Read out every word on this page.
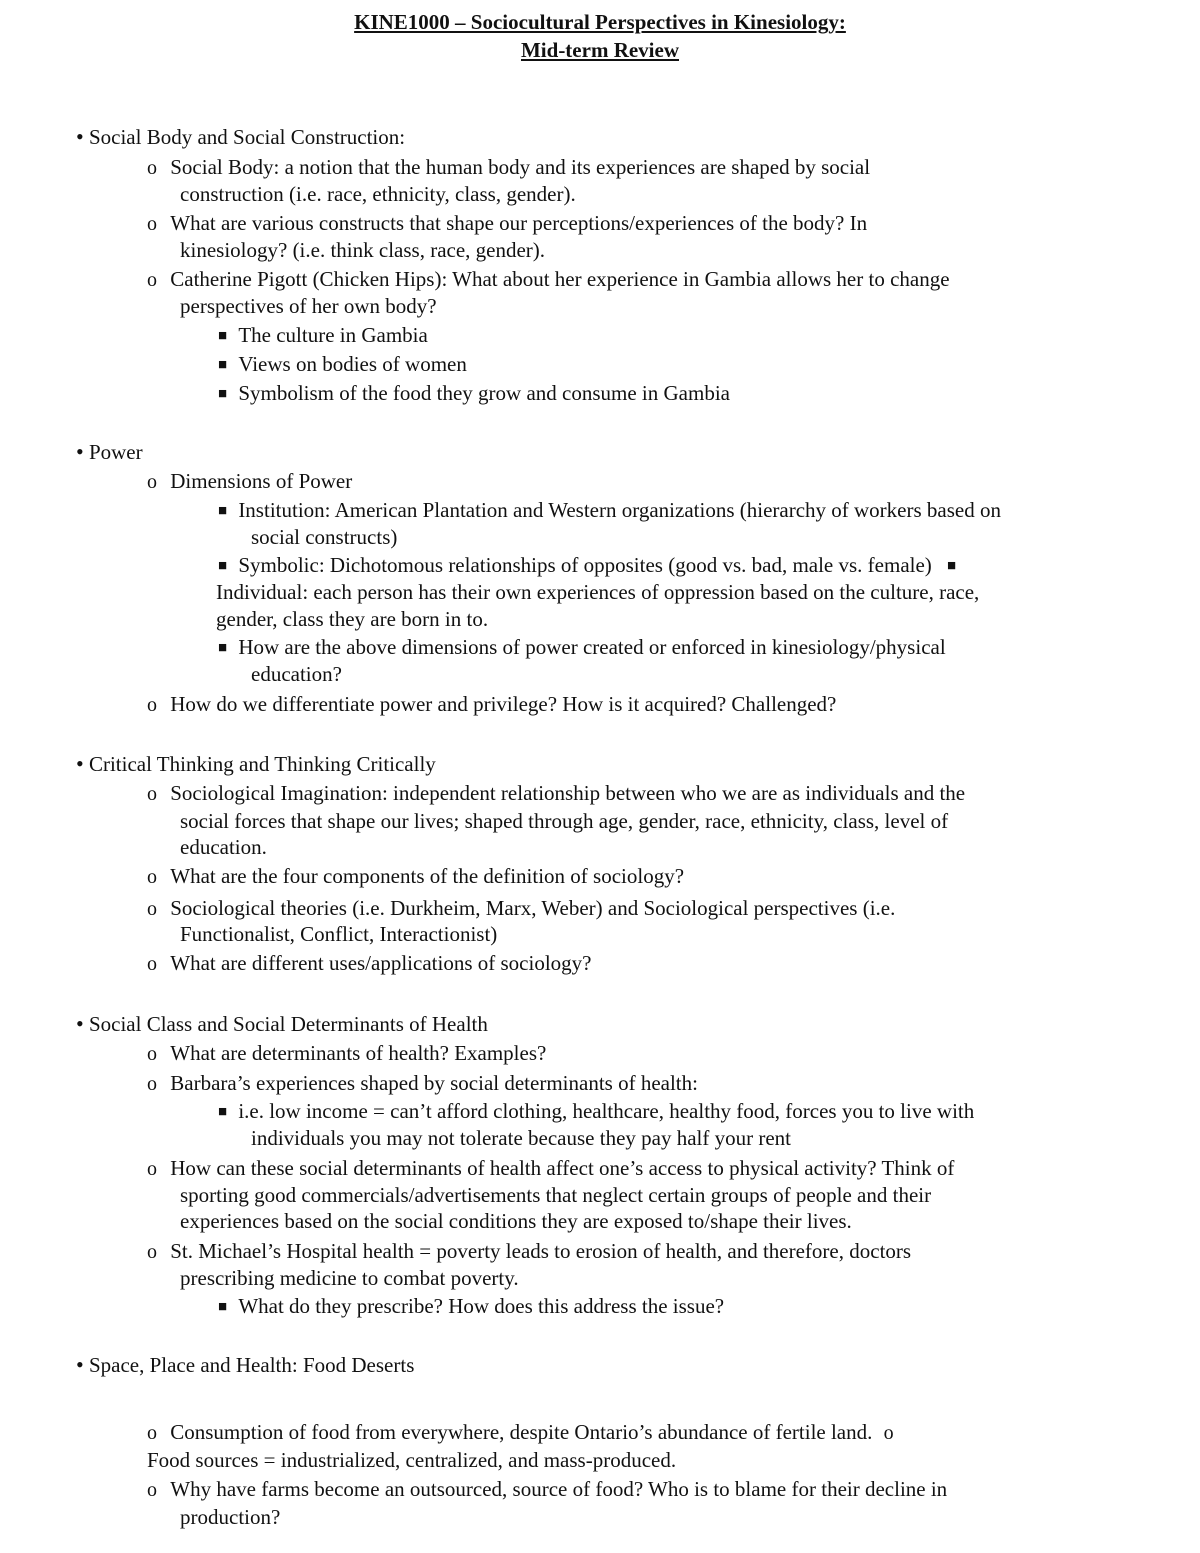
KINE1000 – Sociocultural Perspectives in Kinesiology:
Mid-term Review
• Social Body and Social Construction:
o Social Body: a notion that the human body and its experiences are shaped by social
construction (i.e. race, ethnicity, class, gender).
o What are various constructs that shape our perceptions/experiences of the body? In
kinesiology? (i.e. think class, race, gender).
o Catherine Pigott (Chicken Hips): What about her experience in Gambia allows her to change
perspectives of her own body?
■ The culture in Gambia
■ Views on bodies of women
■ Symbolism of the food they grow and consume in Gambia
• Power
o Dimensions of Power
■ Institution: American Plantation and Western organizations (hierarchy of workers based on
social constructs)
■ Symbolic: Dichotomous relationships of opposites (good vs. bad, male vs. female) ■
Individual: each person has their own experiences of oppression based on the culture, race,
gender, class they are born in to.
■ How are the above dimensions of power created or enforced in kinesiology/physical
education?
o How do we differentiate power and privilege? How is it acquired? Challenged?
• Critical Thinking and Thinking Critically
o Sociological Imagination: independent relationship between who we are as individuals and the
social forces that shape our lives; shaped through age, gender, race, ethnicity, class, level of
education.
o What are the four components of the definition of sociology?
o Sociological theories (i.e. Durkheim, Marx, Weber) and Sociological perspectives (i.e.
Functionalist, Conflict, Interactionist)
o What are different uses/applications of sociology?
• Social Class and Social Determinants of Health
o What are determinants of health? Examples?
o Barbara’s experiences shaped by social determinants of health:
■ i.e. low income = can’t afford clothing, healthcare, healthy food, forces you to live with
individuals you may not tolerate because they pay half your rent
o How can these social determinants of health affect one’s access to physical activity? Think of
sporting good commercials/advertisements that neglect certain groups of people and their
experiences based on the social conditions they are exposed to/shape their lives.
o St. Michael’s Hospital health = poverty leads to erosion of health, and therefore, doctors
prescribing medicine to combat poverty.
■ What do they prescribe? How does this address the issue?
• Space, Place and Health: Food Deserts
o Consumption of food from everywhere, despite Ontario’s abundance of fertile land. o
Food sources = industrialized, centralized, and mass-produced.
o Why have farms become an outsourced, source of food? Who is to blame for their decline in
production?
